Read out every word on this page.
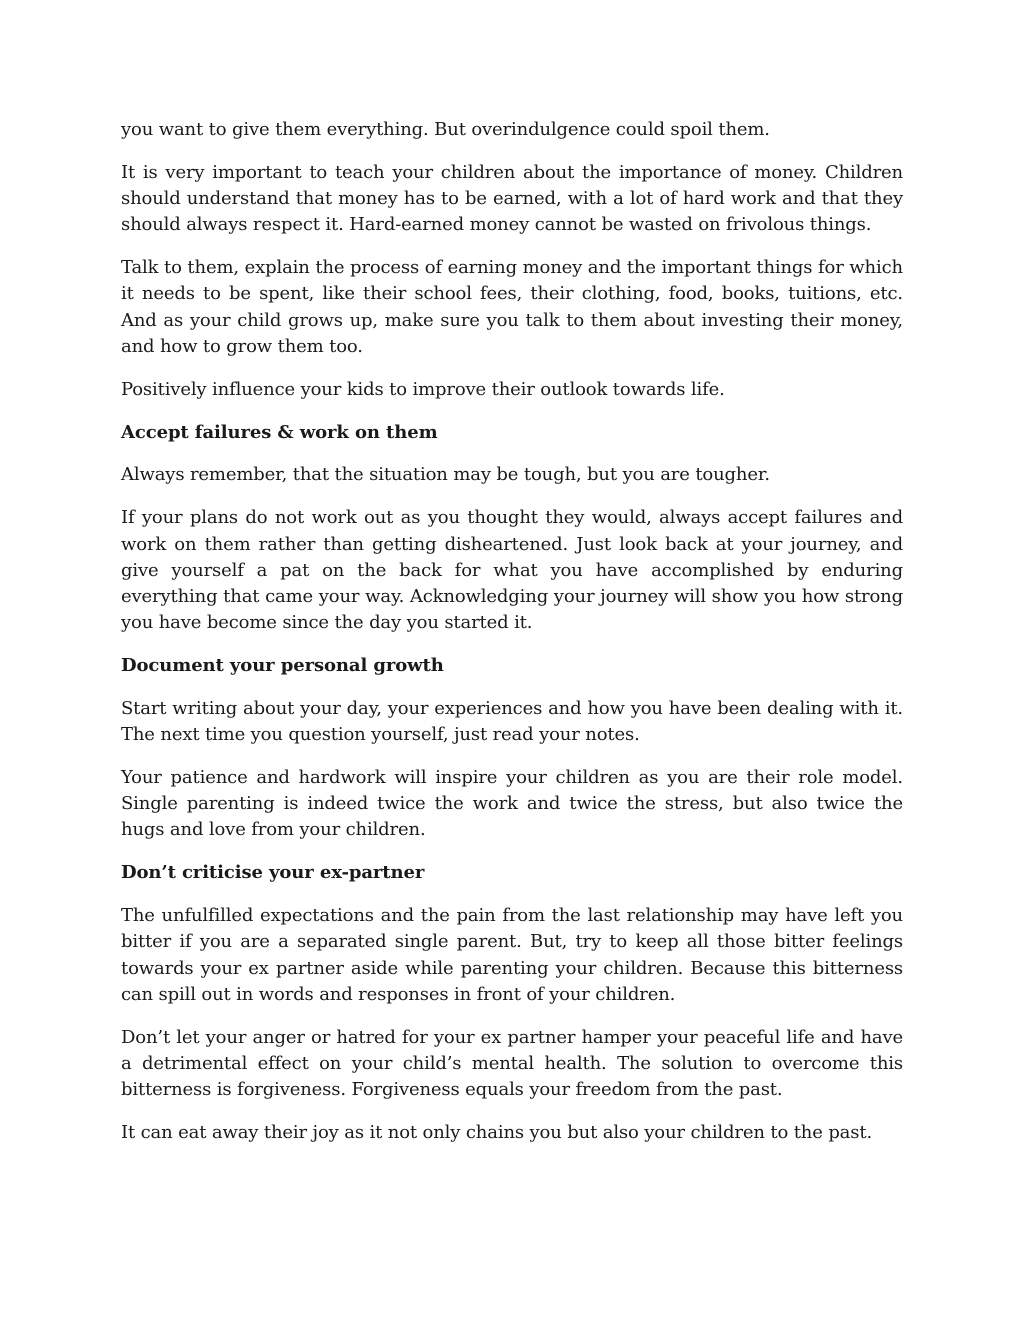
you want to give them everything. But overindulgence could spoil them.

It is very important to teach your children about the importance of money. Children should understand that money has to be earned, with a lot of hard work and that they should always respect it. Hard-earned money cannot be wasted on frivolous things.

Talk to them, explain the process of earning money and the important things for which it needs to be spent, like their school fees, their clothing, food, books, tuitions, etc. And as your child grows up, make sure you talk to them about investing their money, and how to grow them too.

Positively influence your kids to improve their outlook towards life.

Accept failures & work on them

Always remember, that the situation may be tough, but you are tougher.

If your plans do not work out as you thought they would, always accept failures and work on them rather than getting disheartened. Just look back at your journey, and give yourself a pat on the back for what you have accomplished by enduring everything that came your way. Acknowledging your journey will show you how strong you have become since the day you started it.

Document your personal growth

Start writing about your day, your experiences and how you have been dealing with it. The next time you question yourself, just read your notes.

Your patience and hardwork will inspire your children as you are their role model. Single parenting is indeed twice the work and twice the stress, but also twice the hugs and love from your children.

Don’t criticise your ex-partner

The unfulfilled expectations and the pain from the last relationship may have left you bitter if you are a separated single parent. But, try to keep all those bitter feelings towards your ex partner aside while parenting your children. Because this bitterness can spill out in words and responses in front of your children.

Don’t let your anger or hatred for your ex partner hamper your peaceful life and have a detrimental effect on your child’s mental health. The solution to overcome this bitterness is forgiveness. Forgiveness equals your freedom from the past.

It can eat away their joy as it not only chains you but also your children to the past.
